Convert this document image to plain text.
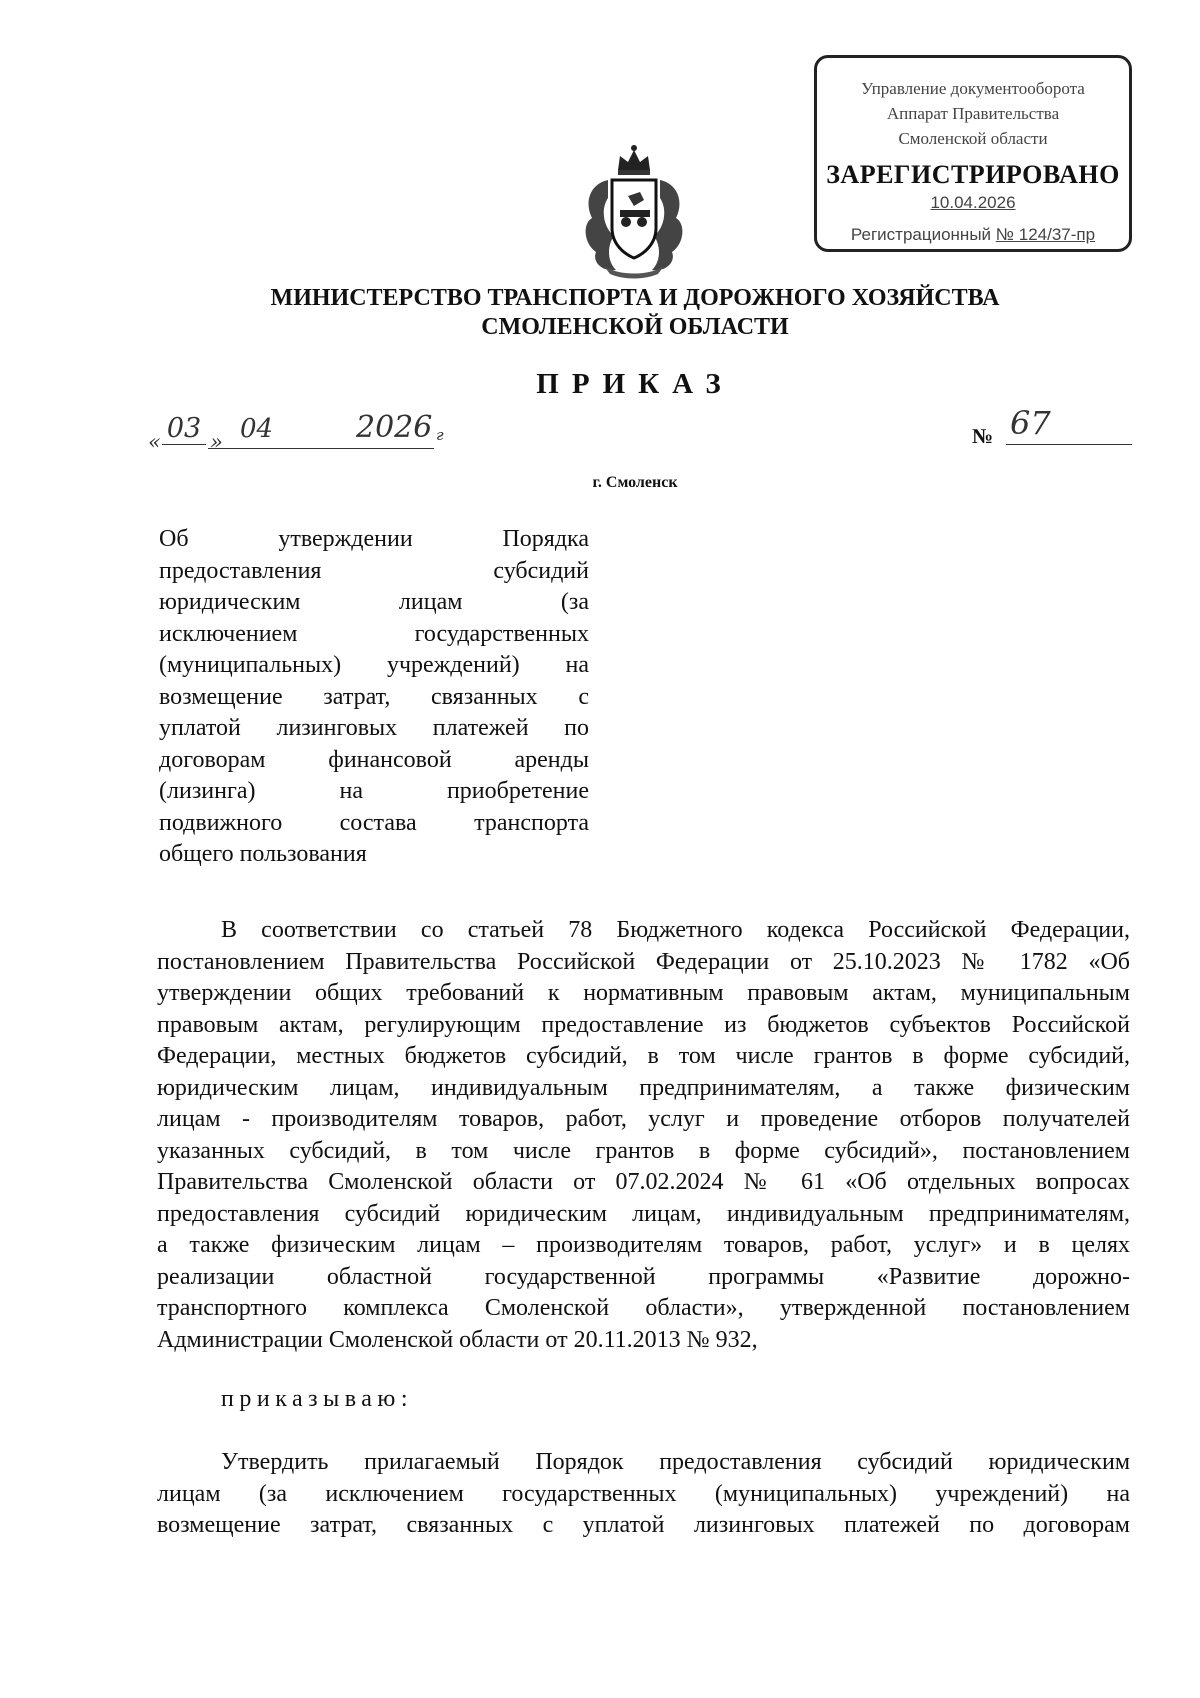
Управление документооборота
Аппарат Правительства
Смоленской области
ЗАРЕГИСТРИРОВАНО
10.04.2026
Регистрационный № 124/37-пр
МИНИСТЕРСТВО ТРАНСПОРТА И ДОРОЖНОГО ХОЗЯЙСТВА
СМОЛЕНСКОЙ ОБЛАСТИ
ПРИКАЗ
« 03 » 04	2026 г	№ 67
г. Смоленск
Об утверждении Порядка
предоставления субсидий
юридическим лицам (за
исключением государственных
(муниципальных) учреждений) на
возмещение затрат, связанных с
уплатой лизинговых платежей по
договорам финансовой аренды
(лизинга) на приобретение
подвижного состава транспорта
общего пользования
В соответствии со статьей 78 Бюджетного кодекса Российской Федерации,
постановлением Правительства Российской Федерации от 25.10.2023 № 1782 «Об
утверждении общих требований к нормативным правовым актам, муниципальным
правовым актам, регулирующим предоставление из бюджетов субъектов Российской
Федерации, местных бюджетов субсидий, в том числе грантов в форме субсидий,
юридическим лицам, индивидуальным предпринимателям, а также физическим
лицам - производителям товаров, работ, услуг и проведение отборов получателей
указанных субсидий, в том числе грантов в форме субсидий», постановлением
Правительства Смоленской области от 07.02.2024 № 61 «Об отдельных вопросах
предоставления субсидий юридическим лицам, индивидуальным предпринимателям,
а также физическим лицам – производителям товаров, работ, услуг» и в целях
реализации областной государственной программы «Развитие дорожно-
транспортного комплекса Смоленской области», утвержденной постановлением
Администрации Смоленской области от 20.11.2013 № 932,
приказываю:
Утвердить прилагаемый Порядок предоставления субсидий юридическим
лицам (за исключением государственных (муниципальных) учреждений) на
возмещение затрат, связанных с уплатой лизинговых платежей по договорам
